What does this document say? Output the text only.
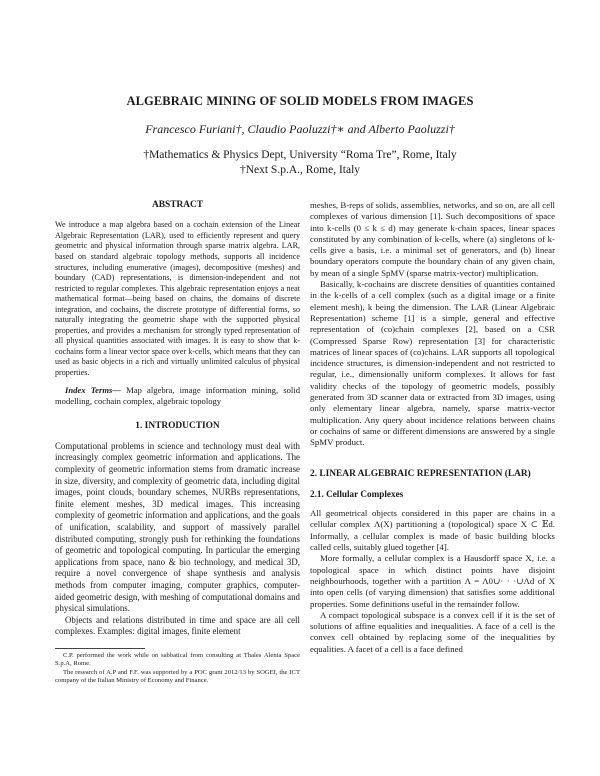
ALGEBRAIC MINING OF SOLID MODELS FROM IMAGES
Francesco Furiani†, Claudio Paoluzzi†∗ and Alberto Paoluzzi†
†Mathematics & Physics Dept, University “Roma Tre”, Rome, Italy
†Next S.p.A., Rome, Italy
ABSTRACT

We introduce a map algebra based on a cochain extension of the Linear Algebraic Representation (LAR), used to efficiently represent and query geometric and physical information through sparse matrix algebra. LAR, based on standard algebraic topology methods, supports all incidence structures, including enumerative (images), decompositive (meshes) and boundary (CAD) representations, is dimension-independent and not restricted to regular complexes. This algebraic representation enjoys a neat mathematical format—being based on chains, the domains of discrete integration, and cochains, the discrete prototype of differential forms, so naturally integrating the geometric shape with the supported physical properties, and provides a mechanism for strongly typed representation of all physical quantities associated with images. It is easy to show that k-cochains form a linear vector space over k-cells, which means that they can used as basic objects in a rich and virtually unlimited calculus of physical properties.

Index Terms— Map algebra, image information mining, solid modelling, cochain complex, algebraic topology

1. INTRODUCTION

Computational problems in science and technology must deal with increasingly complex geometric information and applications. The complexity of geometric information stems from dramatic increase in size, diversity, and complexity of geometric data, including digital images, point clouds, boundary schemes, NURBs representations, finite element meshes, 3D medical images. This increasing complexity of geometric information and applications, and the goals of unification, scalability, and support of massively parallel distributed computing, strongly push for rethinking the foundations of geometric and topological computing. In particular the emerging applications from space, nano & bio technology, and medical 3D, require a novel convergence of shape synthesis and analysis methods from computer imaging, computer graphics, computer-aided geometric design, with meshing of computational domains and physical simulations.

Objects and relations distributed in time and space are all cell complexes. Examples: digital images, finite element

C.P. performed the work while on sabbatical from consulting at Thales Alenia Space S.p.A, Rome.
The research of A.P and F.F. was supported by a POC grant 2012/13 by SOGEI, the ICT company of the Italian Ministry of Economy and Finance.

meshes, B-reps of solids, assemblies, networks, and so on, are all cell complexes of various dimension [1]. Such decompositions of space into k-cells (0 ≤ k ≤ d) may generate k-chain spaces, linear spaces constituted by any combination of k-cells, where (a) singletons of k-cells give a basis, i.e. a minimal set of generators, and (b) linear boundary operators compute the boundary chain of any given chain, by mean of a single SpMV (sparse matrix-vector) multiplication.

Basically, k-cochains are discrete densities of quantities contained in the k-cells of a cell complex (such as a digital image or a finite element mesh), k being the dimension. The LAR (Linear Algebraic Representation) scheme [1] is a simple, general and effective representation of (co)chain complexes [2], based on a CSR (Compressed Sparse Row) representation [3] for characteristic matrices of linear spaces of (co)chains. LAR supports all topological incidence structures, is dimension-independent and not restricted to regular, i.e., dimensionally uniform complexes. It allows for fast validity checks of the topology of geometric models, possibly generated from 3D scanner data or extracted from 3D images, using only elementary linear algebra, namely, sparse matrix-vector multiplication. Any query about incidence relations between chains or cochains of same or different dimensions are answered by a single SpMV product.

2. LINEAR ALGEBRAIC REPRESENTATION (LAR)
2.1. Cellular Complexes

All geometrical objects considered in this paper are chains in a cellular complex Λ(X) partitioning a (topological) space X ⊂ 𝔼d. Informally, a cellular complex is made of basic building blocks called cells, suitably glued together [4].

More formally, a cellular complex is a Hausdorff space X, i.e. a topological space in which distinct points have disjoint neighbourhoods, together with a partition Λ = Λ0∪· · ·∪Λd of X into open cells (of varying dimension) that satisfies some additional properties. Some definitions useful in the remainder follow.

A compact topological subspace is a convex cell if it is the set of solutions of affine equalities and inequalities. A face of a cell is the convex cell obtained by replacing some of the inequalities by equalities. A facet of a cell is a face defined
